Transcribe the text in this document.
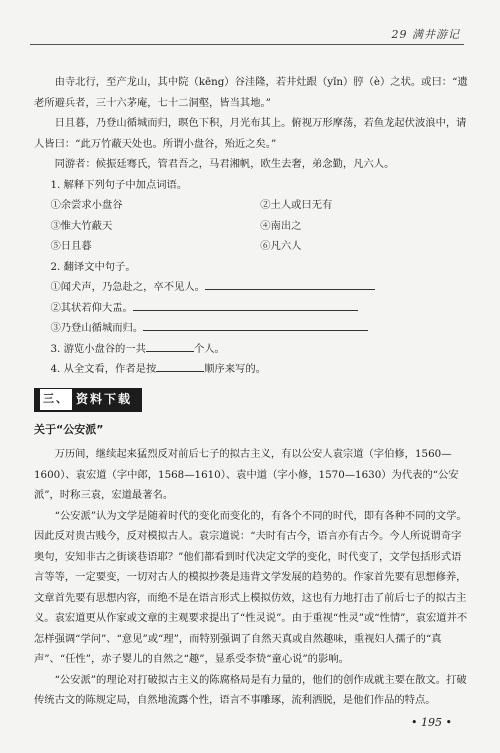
29 满井游记

由寺北行，至产龙山，其中院（kēng）谷洼隆，若井灶跟（yǐn）脝（è）之状。或曰：“遗老所避兵者，三十六茅庵，七十二洞壑，皆当其地。”

日且暮，乃登山循城而归，暝色下积，月光布其上。俯视万形摩荡，若鱼龙起伏波浪中，请人皆曰：“此万竹蔽天处也。所谓小盘谷，殆近之矣。”

同游者：候振廷骞氏，管君吾之，马君湘帆，欧生去奢，弟念勤，凡六人。

1. 解释下列句子中加点词语。

①余尝求小盘谷	②土人或曰无有
③惟大竹蔽天	④南出之
⑤日且暮	⑥凡六人

2. 翻译文中句子。

①闻犬声，乃急赴之，卒不见人。

②其状若仰大盂。

③乃登山循城而归。

3. 游览小盘谷的一共	个人。

4. 从全文看，作者是按	顺序来写的。

三、 资料下载

关于“公安派”

万历间，继续起来猛烈反对前后七子的拟古主义，有以公安人袁宗道（字伯修，1560—1600）、袁宏道（字中郎，1568—1610）、袁中道（字小修，1570—1630）为代表的“公安派”，时称三袁，宏道最著名。

“公安派”认为文学是随着时代的变化而变化的，有各个不同的时代，即有各种不同的文学。因此反对贵古贱今，反对模拟古人。袁宗道说：“夫时有古今，语言亦有古今。今人所说谓奇字奥句，安知非古之街谈巷语耶？”他们都看到时代决定文学的变化，时代变了，文学包括形式语言等等，一定要变，一切对古人的模拟抄袭是违背文学发展的趋势的。作家首先要有思想修养，文章首先要有思想内容，而绝不是在语言形式上模拟仿效，这也有力地打击了前后七子的拟古主义。袁宏道更从作家或文章的主观要求提出了“性灵说”。由于重视“性灵”或“性情”，袁宏道并不怎样强调“学问”、“意见”或“理”，而特别强调了自然天真或自然趣味，重视妇人孺子的“真声”、“任性”，赤子婴儿的自然之“趣”，显系受李贽“童心说”的影响。

“公安派”的理论对打破拟古主义的陈腐格局是有力量的，他们的创作成就主要在散文。打破传统古文的陈规定局，自然地流露个性，语言不事雕琢，流利洒脱，是他们作品的特点。

• 195 •
